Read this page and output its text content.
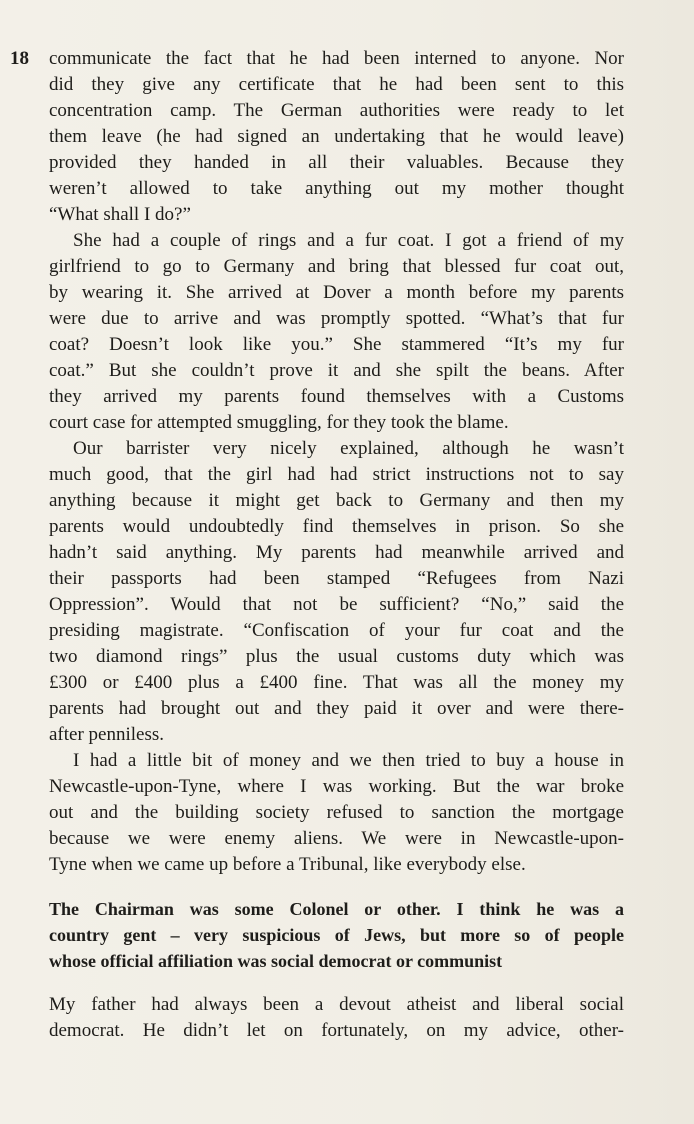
18 communicate the fact that he had been interned to anyone. Nor
did they give any certificate that he had been sent to this
concentration camp. The German authorities were ready to let
them leave (he had signed an undertaking that he would leave)
provided they handed in all their valuables. Because they
weren’t allowed to take anything out my mother thought
“What shall I do?”

She had a couple of rings and a fur coat. I got a friend of my
girlfriend to go to Germany and bring that blessed fur coat out,
by wearing it. She arrived at Dover a month before my parents
were due to arrive and was promptly spotted. “What’s that fur
coat? Doesn’t look like you.” She stammered “It’s my fur
coat.” But she couldn’t prove it and she spilt the beans. After
they arrived my parents found themselves with a Customs
court case for attempted smuggling, for they took the blame.

Our barrister very nicely explained, although he wasn’t
much good, that the girl had had strict instructions not to say
anything because it might get back to Germany and then my
parents would undoubtedly find themselves in prison. So she
hadn’t said anything. My parents had meanwhile arrived and
their passports had been stamped “Refugees from Nazi
Oppression”. Would that not be sufficient? “No,” said the
presiding magistrate. “Confiscation of your fur coat and the
two diamond rings” plus the usual customs duty which was
£300 or £400 plus a £400 fine. That was all the money my
parents had brought out and they paid it over and were there-
after penniless.

I had a little bit of money and we then tried to buy a house in
Newcastle-upon-Tyne, where I was working. But the war broke
out and the building society refused to sanction the mortgage
because we were enemy aliens. We were in Newcastle-upon-
Tyne when we came up before a Tribunal, like everybody else.

The Chairman was some Colonel or other. I think he was a
country gent – very suspicious of Jews, but more so of people
whose official affiliation was social democrat or communist

My father had always been a devout atheist and liberal social
democrat. He didn’t let on fortunately, on my advice, other-
